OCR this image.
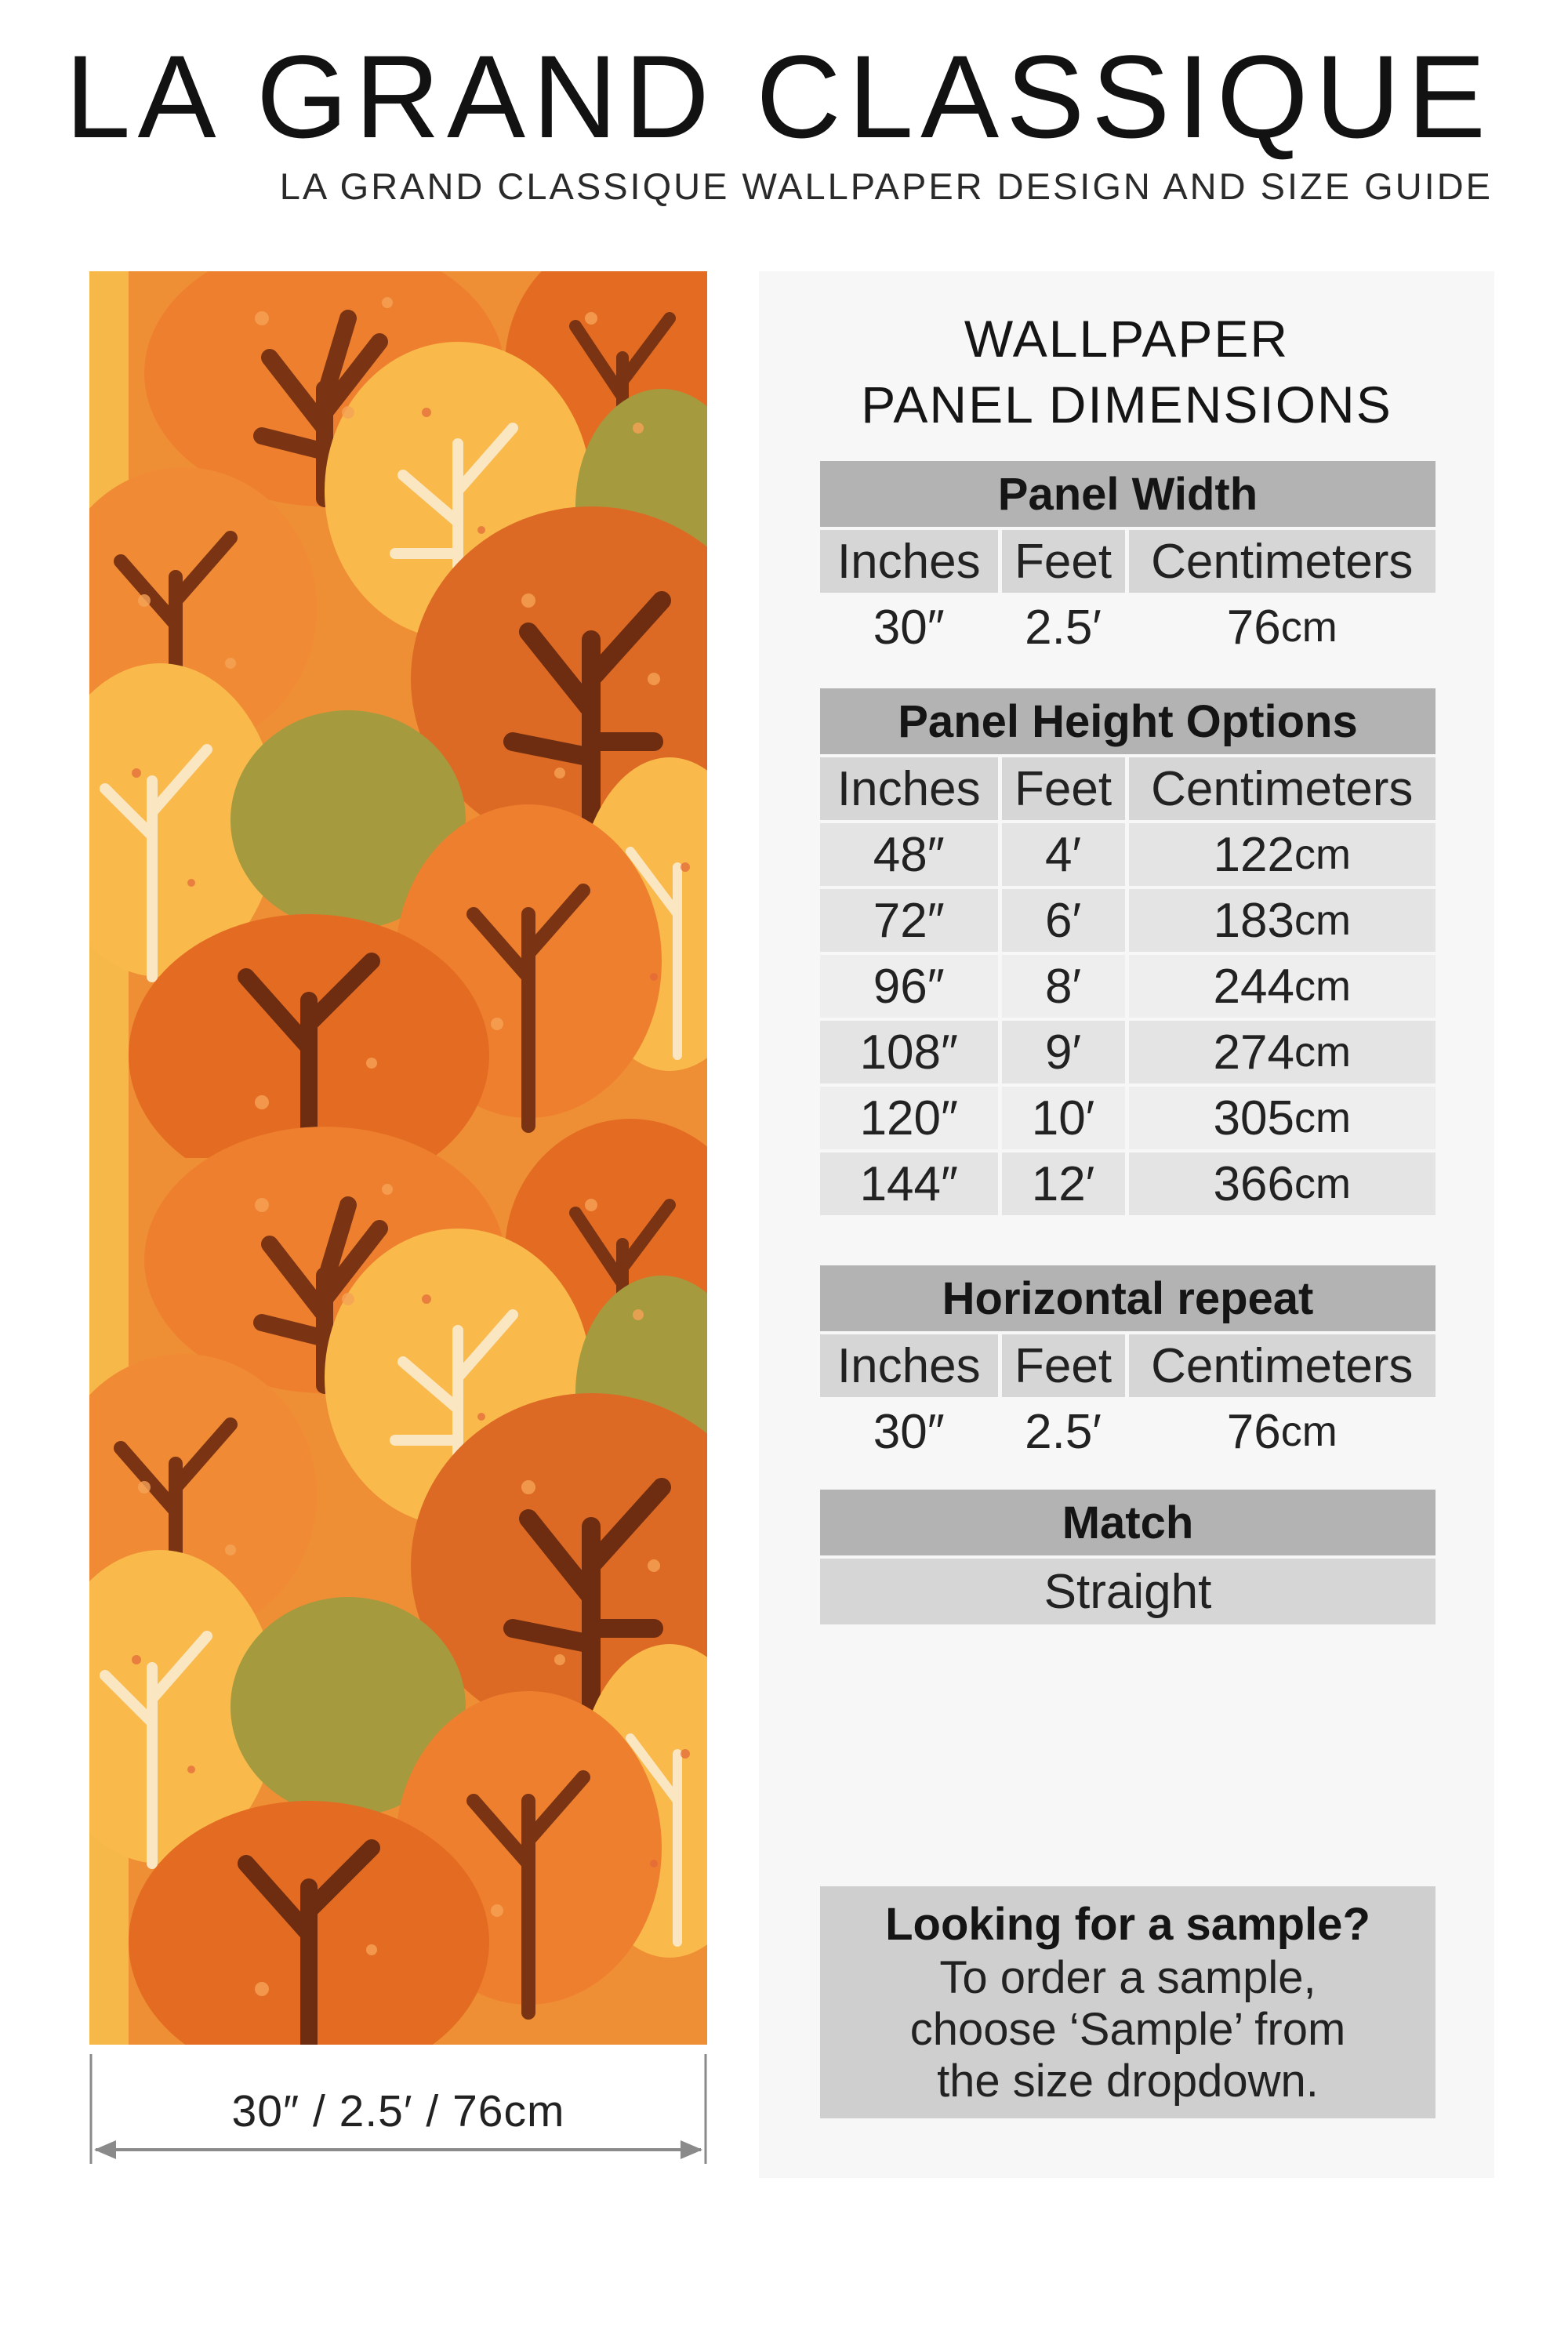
LA GRAND CLASSIQUE

LA GRAND CLASSIQUE WALLPAPER DESIGN AND SIZE GUIDE

30″ / 2.5′ / 76cm
WALLPAPER
PANEL DIMENSIONS
Panel Width
Inches Feet Centimeters
30″	2.5′	76 cm
Panel Height Options
Inches Feet Centimeters
48″	4′	122 cm
72″	6′	183 cm
96″	8′	244 cm
108″	9′	274 cm
120″	10′	305 cm
144″	12′	366 cm
Horizontal repeat
Inches Feet Centimeters
30″	2.5′	76 cm
Match
Straight
Looking for a sample?
To order a sample,
choose ‘Sample’ from
the size dropdown.
